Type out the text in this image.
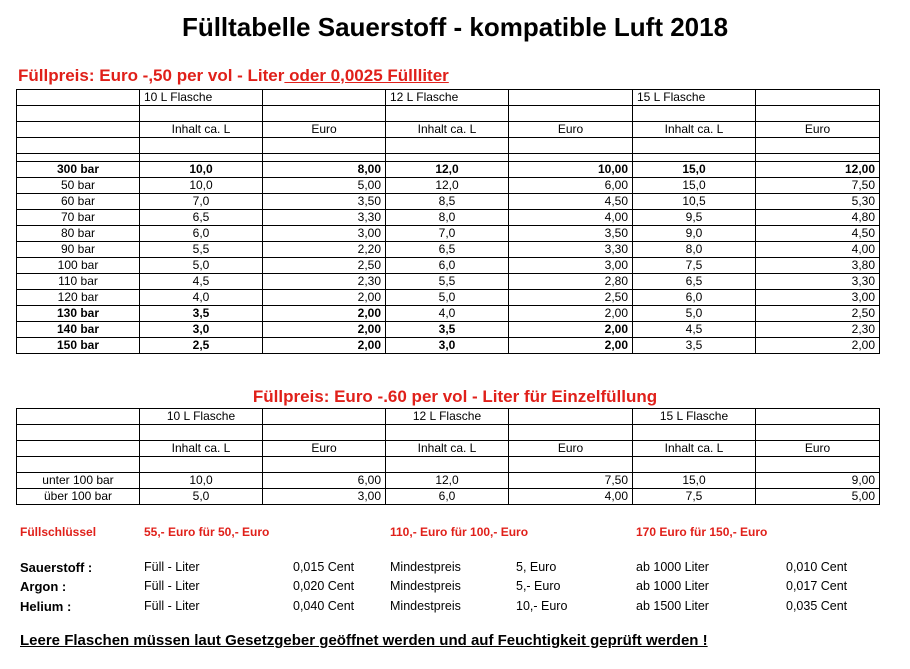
Fülltabelle Sauerstoff - kompatible Luft 2018
Füllpreis: Euro -,50 per vol - Liter oder 0,0025 Füllliter
	10 L Flasche		12 L Flasche		15 L Flasche	

	Inhalt ca. L	Euro	Inhalt ca. L	Euro	Inhalt ca. L	Euro

300 bar	10,0	8,00	12,0	10,00	15,0	12,00
50 bar	10,0	5,00	12,0	6,00	15,0	7,50
60 bar	7,0	3,50	8,5	4,50	10,5	5,30
70 bar	6,5	3,30	8,0	4,00	9,5	4,80
80 bar	6,0	3,00	7,0	3,50	9,0	4,50
90 bar	5,5	2,20	6,5	3,30	8,0	4,00
100 bar	5,0	2,50	6,0	3,00	7,5	3,80
110 bar	4,5	2,30	5,5	2,80	6,5	3,30
120 bar	4,0	2,00	5,0	2,50	6,0	3,00
130 bar	3,5	2,00	4,0	2,00	5,0	2,50
140 bar	3,0	2,00	3,5	2,00	4,5	2,30
150 bar	2,5	2,00	3,0	2,00	3,5	2,00
Füllpreis: Euro -.60 per vol - Liter für Einzelfüllung
	10 L Flasche		12 L Flasche		15 L Flasche	

	Inhalt ca. L	Euro	Inhalt ca. L	Euro	Inhalt ca. L	Euro

unter 100 bar	10,0	6,00	12,0	7,50	15,0	9,00
über 100 bar	5,0	3,00	6,0	4,00	7,5	5,00
Füllschlüssel	55,- Euro für 50,- Euro	110,- Euro für 100,- Euro	170 Euro für 150,- Euro
Sauerstoff :	Füll - Liter	0,015 Cent	Mindestpreis	5, Euro	ab 1000 Liter	0,010 Cent
Argon :	Füll - Liter	0,020 Cent	Mindestpreis	5,- Euro	ab 1000 Liter	0,017 Cent
Helium :	Füll - Liter	0,040 Cent	Mindestpreis	10,- Euro	ab 1500 Liter	0,035 Cent
Leere Flaschen müssen laut Gesetzgeber geöffnet werden und auf Feuchtigkeit geprüft werden !
